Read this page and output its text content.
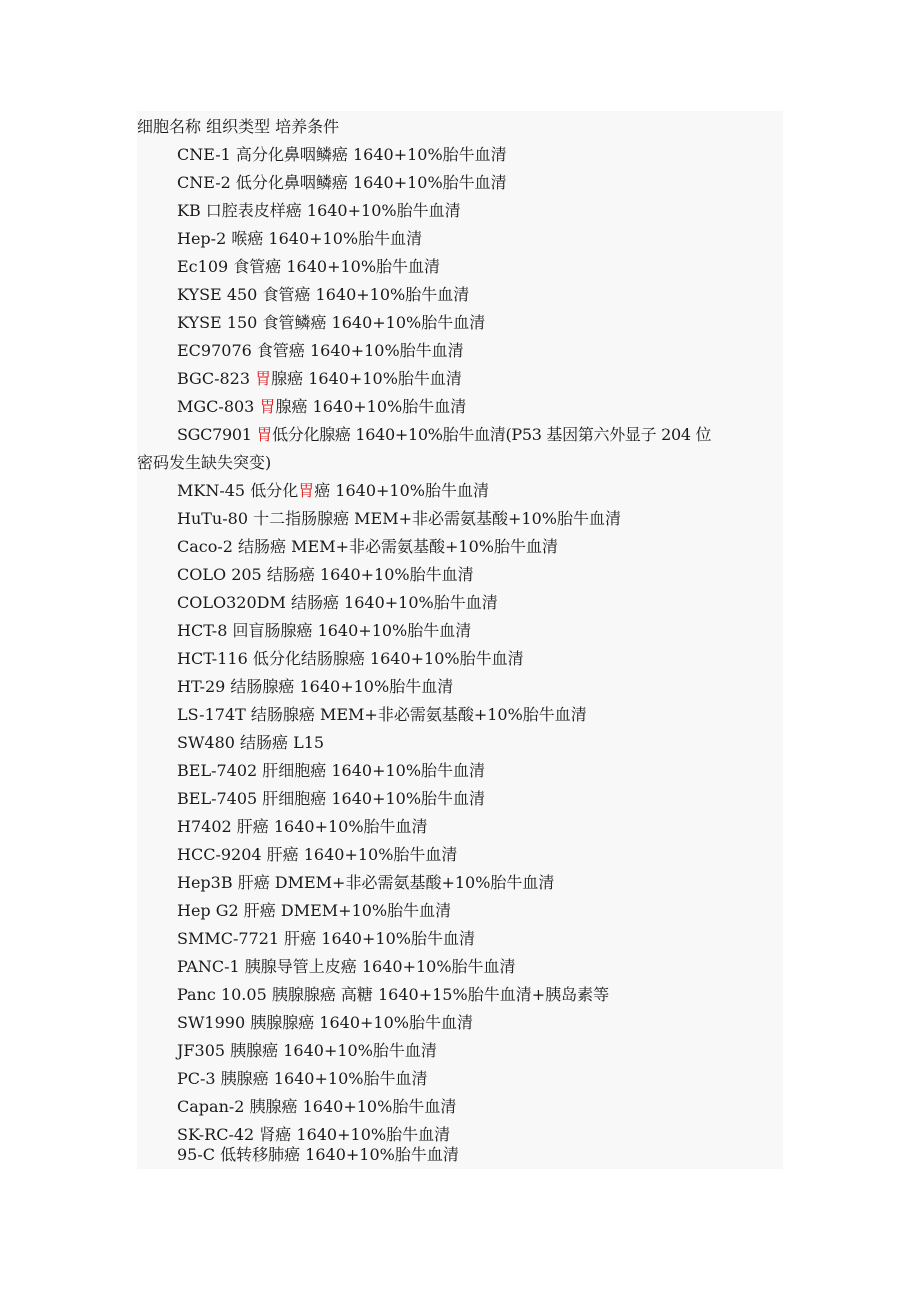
细胞名称 组织类型 培养条件
CNE-1 高分化鼻咽鳞癌 1640+10%胎牛血清
CNE-2 低分化鼻咽鳞癌 1640+10%胎牛血清
KB 口腔表皮样癌 1640+10%胎牛血清
Hep-2 喉癌 1640+10%胎牛血清
Ec109 食管癌 1640+10%胎牛血清
KYSE 450 食管癌 1640+10%胎牛血清
KYSE 150 食管鳞癌 1640+10%胎牛血清
EC97076 食管癌 1640+10%胎牛血清
BGC-823 胃腺癌 1640+10%胎牛血清
MGC-803 胃腺癌 1640+10%胎牛血清
SGC7901 胃低分化腺癌 1640+10%胎牛血清(P53 基因第六外显子 204 位
密码发生缺失突变)
MKN-45 低分化胃癌 1640+10%胎牛血清
HuTu-80 十二指肠腺癌 MEM+非必需氨基酸+10%胎牛血清
Caco-2 结肠癌 MEM+非必需氨基酸+10%胎牛血清
COLO 205 结肠癌 1640+10%胎牛血清
COLO320DM 结肠癌 1640+10%胎牛血清
HCT-8 回盲肠腺癌 1640+10%胎牛血清
HCT-116 低分化结肠腺癌 1640+10%胎牛血清
HT-29 结肠腺癌 1640+10%胎牛血清
LS-174T 结肠腺癌 MEM+非必需氨基酸+10%胎牛血清
SW480 结肠癌 L15
BEL-7402 肝细胞癌 1640+10%胎牛血清
BEL-7405 肝细胞癌 1640+10%胎牛血清
H7402 肝癌 1640+10%胎牛血清
HCC-9204 肝癌 1640+10%胎牛血清
Hep3B 肝癌 DMEM+非必需氨基酸+10%胎牛血清
Hep G2 肝癌 DMEM+10%胎牛血清
SMMC-7721 肝癌 1640+10%胎牛血清
PANC-1 胰腺导管上皮癌 1640+10%胎牛血清
Panc 10.05 胰腺腺癌 高糖 1640+15%胎牛血清+胰岛素等
SW1990 胰腺腺癌 1640+10%胎牛血清
JF305 胰腺癌 1640+10%胎牛血清
PC-3 胰腺癌 1640+10%胎牛血清
Capan-2 胰腺癌 1640+10%胎牛血清
SK-RC-42 肾癌 1640+10%胎牛血清
95-C 低转移肺癌 1640+10%胎牛血清
